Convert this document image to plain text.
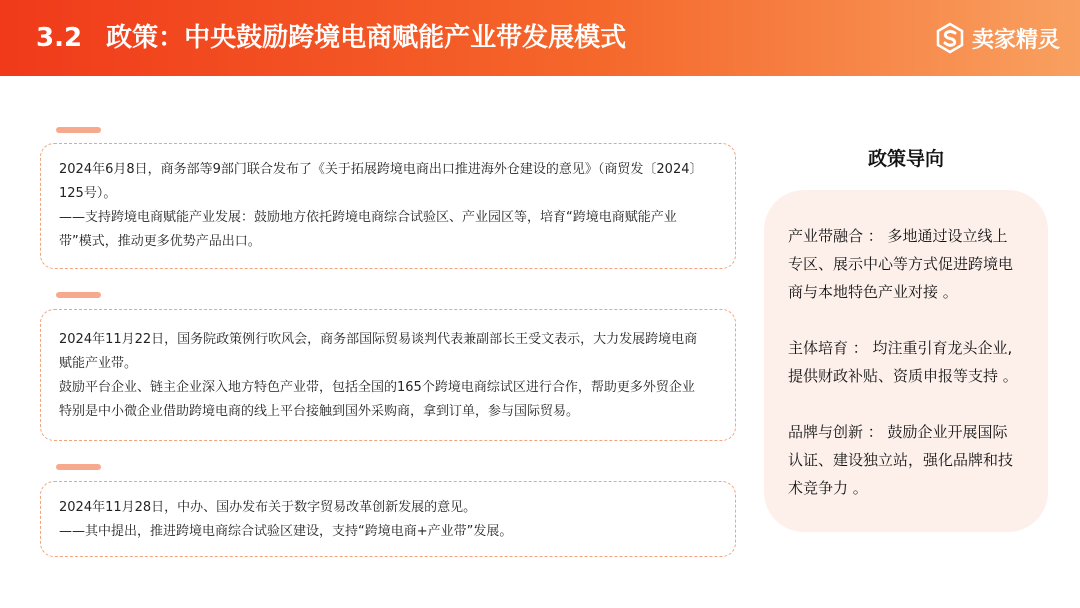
3.2 政策：中央鼓励跨境电商赋能产业带发展模式	卖家精灵

2024年6月8日，商务部等9部门联合发布了《关于拓展跨境电商出口推进海外仓建设的意见》（商贸发〔2024〕

125号）。

——支持跨境电商赋能产业发展：鼓励地方依托跨境电商综合试验区、产业园区等，培育“跨境电商赋能产业

带”模式，推动更多优势产品出口。

2024年11月22日，国务院政策例行吹风会，商务部国际贸易谈判代表兼副部长王受文表示，大力发展跨境电商

赋能产业带。

鼓励平台企业、链主企业深入地方特色产业带，包括全国的165个跨境电商综试区进行合作，帮助更多外贸企业

特别是中小微企业借助跨境电商的线上平台接触到国外采购商，拿到订单，参与国际贸易。

2024年11月28日，中办、国办发布关于数字贸易改革创新发展的意见。

——其中提出，推进跨境电商综合试验区建设，支持“跨境电商+产业带”发展。

政策导向
产业带融合 ： 多地通过设立线上
专区、展示中心等方式促进跨境电
商与本地特色产业对接 。
主体培育 ： 均注重引育龙头企业,
提供财政补贴、资质申报等支持 。
品牌与创新 ： 鼓励企业开展国际
认证、建设独立站，强化品牌和技
术竞争力 。
